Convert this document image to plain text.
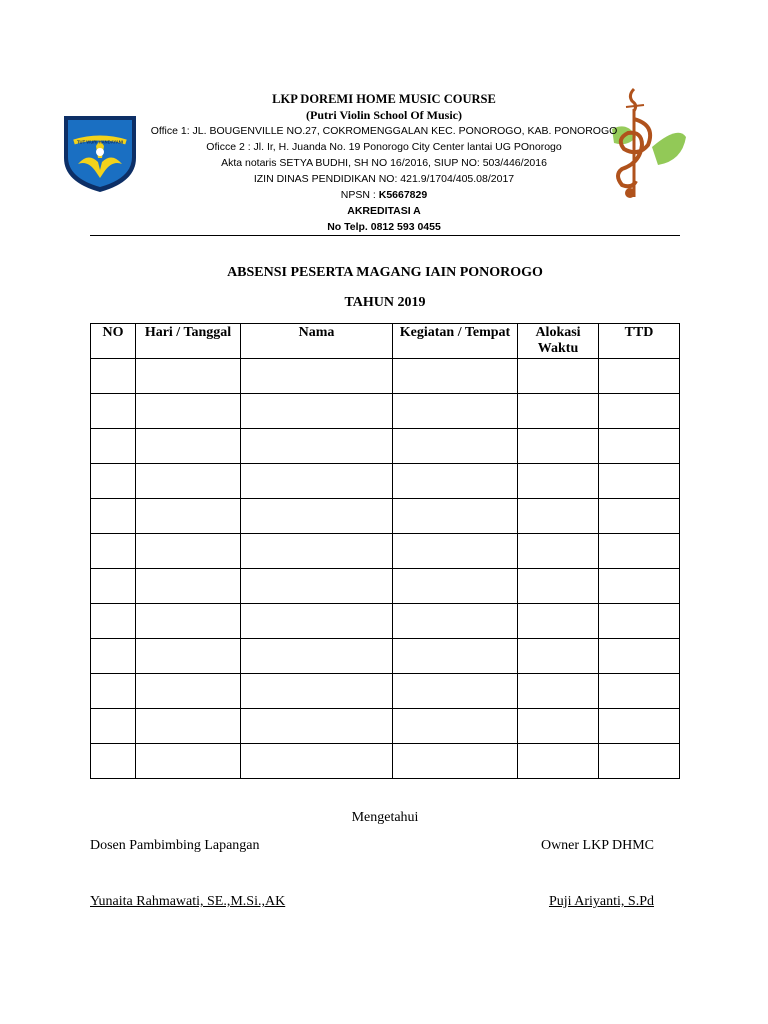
TUT WURI HANDAYANI
LKP DOREMI HOME MUSIC COURSE
(Putri Violin School Of Music)
Office 1: JL. BOUGENVILLE NO.27, COKROMENGGALAN KEC. PONOROGO, KAB. PONOROGO
Oficce 2 : Jl. Ir, H. Juanda No. 19 Ponorogo City Center lantai UG POnorogo
Akta notaris SETYA BUDHI, SH NO 16/2016, SIUP NO: 503/446/2016
IZIN DINAS PENDIDIKAN NO: 421.9/1704/405.08/2017
NPSN : K5667829
AKREDITASI A
No Telp. 0812 593 0455
ABSENSI PESERTA MAGANG IAIN PONOROGO
TAHUN 2019
NO	Hari / Tanggal	Nama	Kegiatan / Tempat	Alokasi Waktu	TTD

Mengetahui
Dosen Pambimbing Lapangan	Owner LKP DHMC
Yunaita Rahmawati, SE.,M.Si.,AK	Puji Ariyanti, S.Pd
